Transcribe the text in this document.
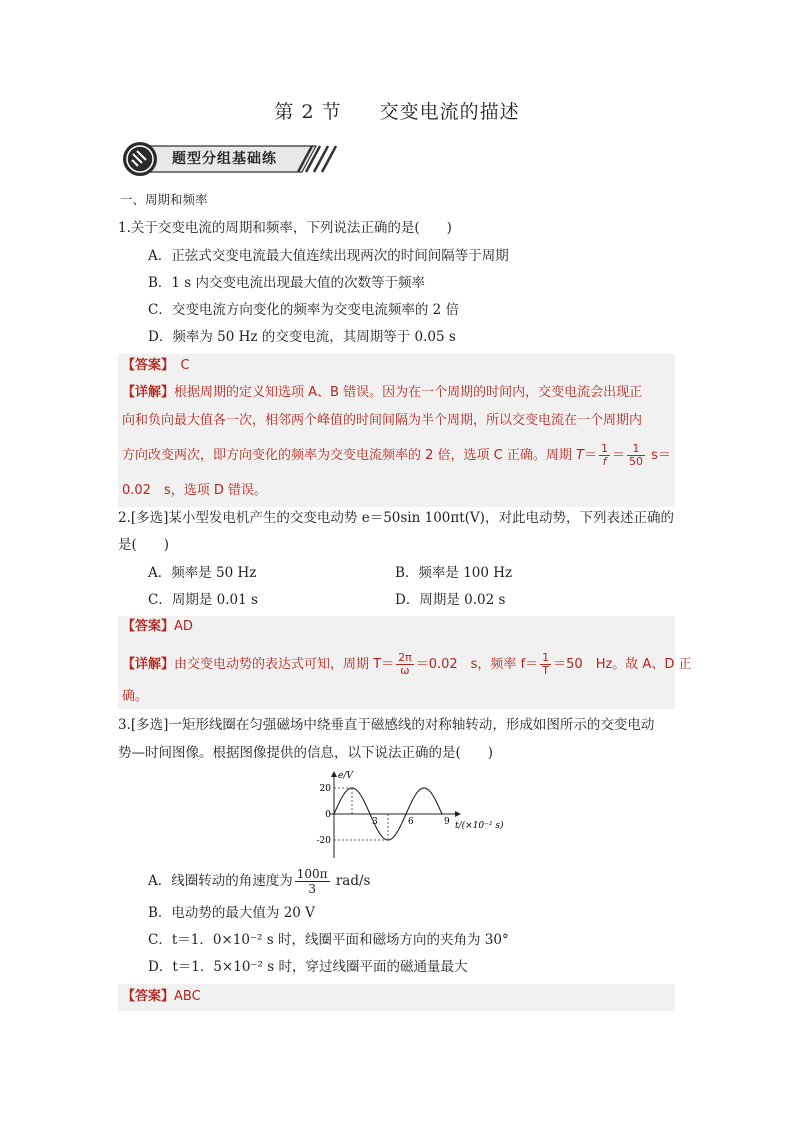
第 2 节 交变电流的描述
题型分组基础练
一、周期和频率
1.关于交变电流的周期和频率，下列说法正确的是(　　)
A．正弦式交变电流最大值连续出现两次的时间间隔等于周期
B．1 s 内交变电流出现最大值的次数等于频率
C．交变电流方向变化的频率为交变电流频率的 2 倍
D．频率为 50 Hz 的交变电流，其周期等于 0.05 s
【答案】　 C
【详解】根据周期的定义知选项 A、B 错误。因为在一个周期的时间内，交变电流会出现正
向和负向最大值各一次，相邻两个峰值的时间间隔为半个周期，所以交变电流在一个周期内
方向改变两次，即方向变化的频率为交变电流频率的 2 倍，选项 C 正确。周期 $T= \frac{1}{f} = \frac{1}{50} s=$
0.02　s，选项 D 错误。
2.[多选]某小型发电机产生的交变电动势 e＝50sin 100πt(V)，对此电动势，下列表述正确的
是(　　)
A．频率是 50 Hz	B．频率是 100 Hz
C．周期是 0.01 s	D．周期是 0.02 s
【答案】AD
【详解】由交变电动势的表达式可知，周期 $T= \frac{2\pi}{\omega} =0.02$　s，频率 $f= \frac{1}{T} =50$　Hz。故 A、D 正
确。
3.[多选]一矩形线圈在匀强磁场中绕垂直于磁感线的对称轴转动，形成如图所示的交变电动
势—时间图像。根据图像提供的信息，以下说法正确的是(　　)
e/V
t/(×10⁻² s)
3	6	9
20
0
-20
A．线圈转动的角速度为 $\frac{100\pi}{3} rad/s$
B．电动势的最大值为 20 V
C．t＝1．0×10⁻² s 时，线圈平面和磁场方向的夹角为 30°
D．t＝1．5×10⁻² s 时，穿过线圈平面的磁通量最大
【答案】ABC
